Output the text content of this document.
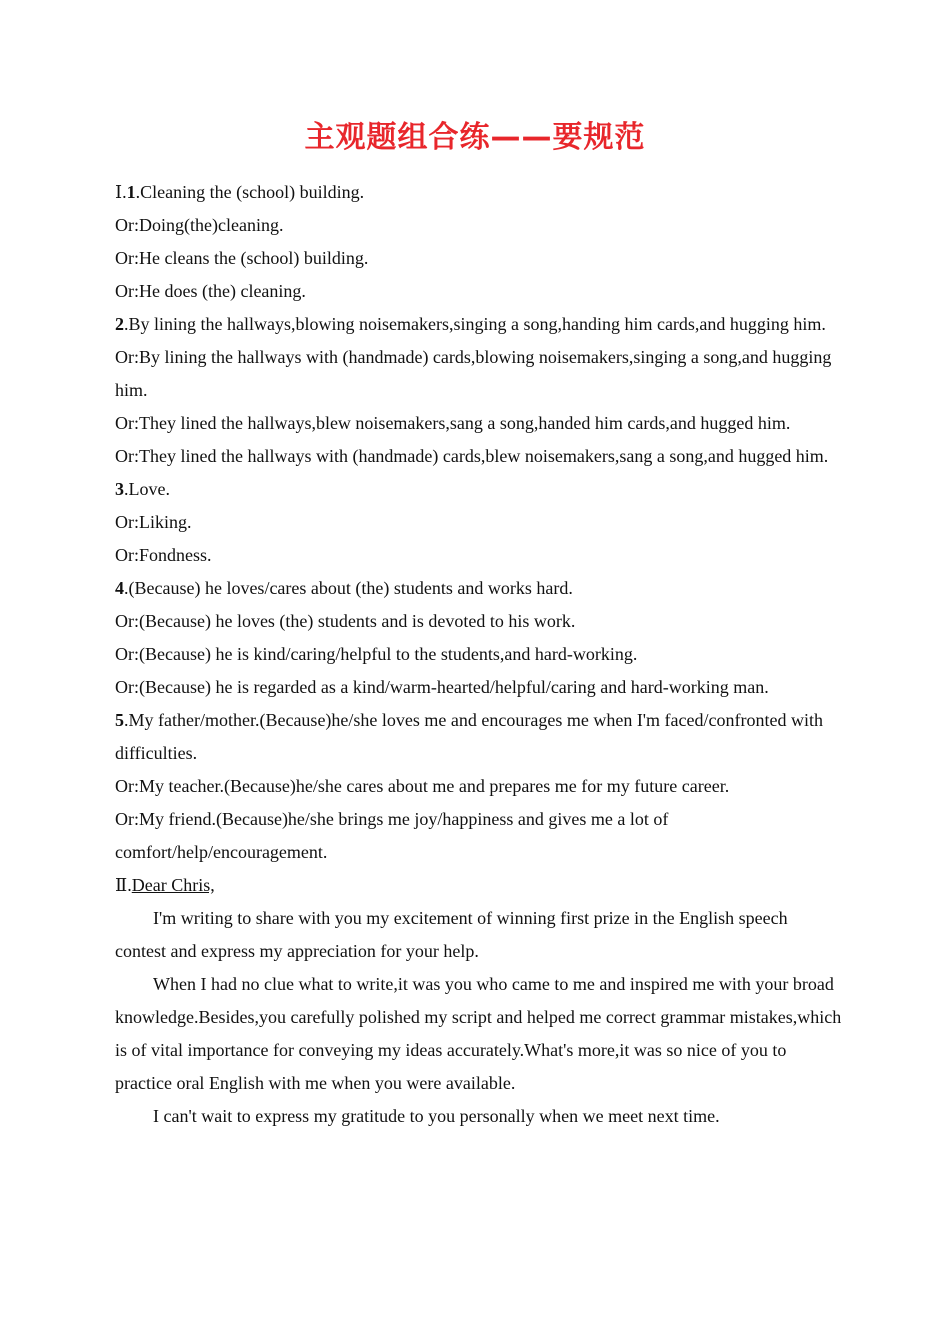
主观题组合练——要规范

Ⅰ.1.Cleaning the (school) building.

Or:Doing(the)cleaning.

Or:He cleans the (school) building.

Or:He does (the) cleaning.

2.By lining the hallways,blowing noisemakers,singing a song,handing him cards,and hugging him.

Or:By lining the hallways with (handmade) cards,blowing noisemakers,singing a song,and hugging him.

Or:They lined the hallways,blew noisemakers,sang a song,handed him cards,and hugged him.

Or:They lined the hallways with (handmade) cards,blew noisemakers,sang a song,and hugged him.

3.Love.

Or:Liking.

Or:Fondness.

4.(Because) he loves/cares about (the) students and works hard.

Or:(Because) he loves (the) students and is devoted to his work.

Or:(Because) he is kind/caring/helpful to the students,and hard-working.

Or:(Because) he is regarded as a kind/warm-hearted/helpful/caring and hard-working man.

5.My father/mother.(Because)he/she loves me and encourages me when I'm faced/confronted with difficulties.

Or:My teacher.(Because)he/she cares about me and prepares me for my future career.

Or:My friend.(Because)he/she brings me joy/happiness and gives me a lot of comfort/help/encouragement.

Ⅱ.Dear Chris,

I'm writing to share with you my excitement of winning first prize in the English speech contest and express my appreciation for your help.

When I had no clue what to write,it was you who came to me and inspired me with your broad knowledge.Besides,you carefully polished my script and helped me correct grammar mistakes,which is of vital importance for conveying my ideas accurately.What's more,it was so nice of you to practice oral English with me when you were available.

I can't wait to express my gratitude to you personally when we meet next time.
